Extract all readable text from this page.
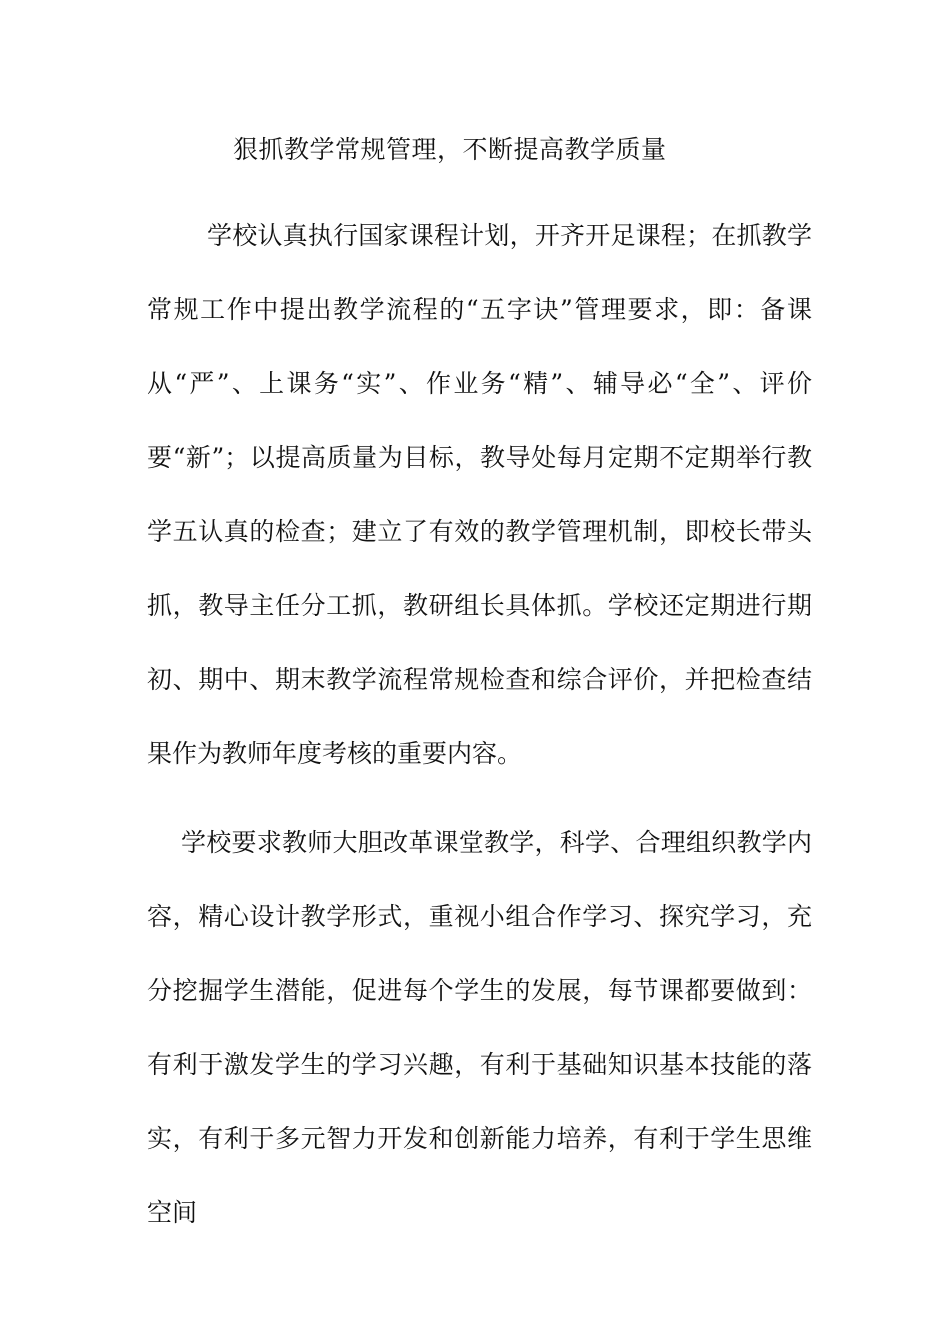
狠抓教学常规管理，不断提高教学质量

学校认真执行国家课程计划，开齐开足课程；在抓教学常规工作中提出教学流程的“五字诀”管理要求，即：备课从“严”、上课务“实”、作业务“精”、辅导必“全”、评价要“新”；以提高质量为目标，教导处每月定期不定期举行教学五认真的检查；建立了有效的教学管理机制，即校长带头抓，教导主任分工抓，教研组长具体抓。学校还定期进行期初、期中、期末教学流程常规检查和综合评价，并把检查结果作为教师年度考核的重要内容。

学校要求教师大胆改革课堂教学，科学、合理组织教学内容，精心设计教学形式，重视小组合作学习、探究学习，充分挖掘学生潜能，促进每个学生的发展，每节课都要做到：有利于激发学生的学习兴趣，有利于基础知识基本技能的落实，有利于多元智力开发和创新能力培养，有利于学生思维空间
